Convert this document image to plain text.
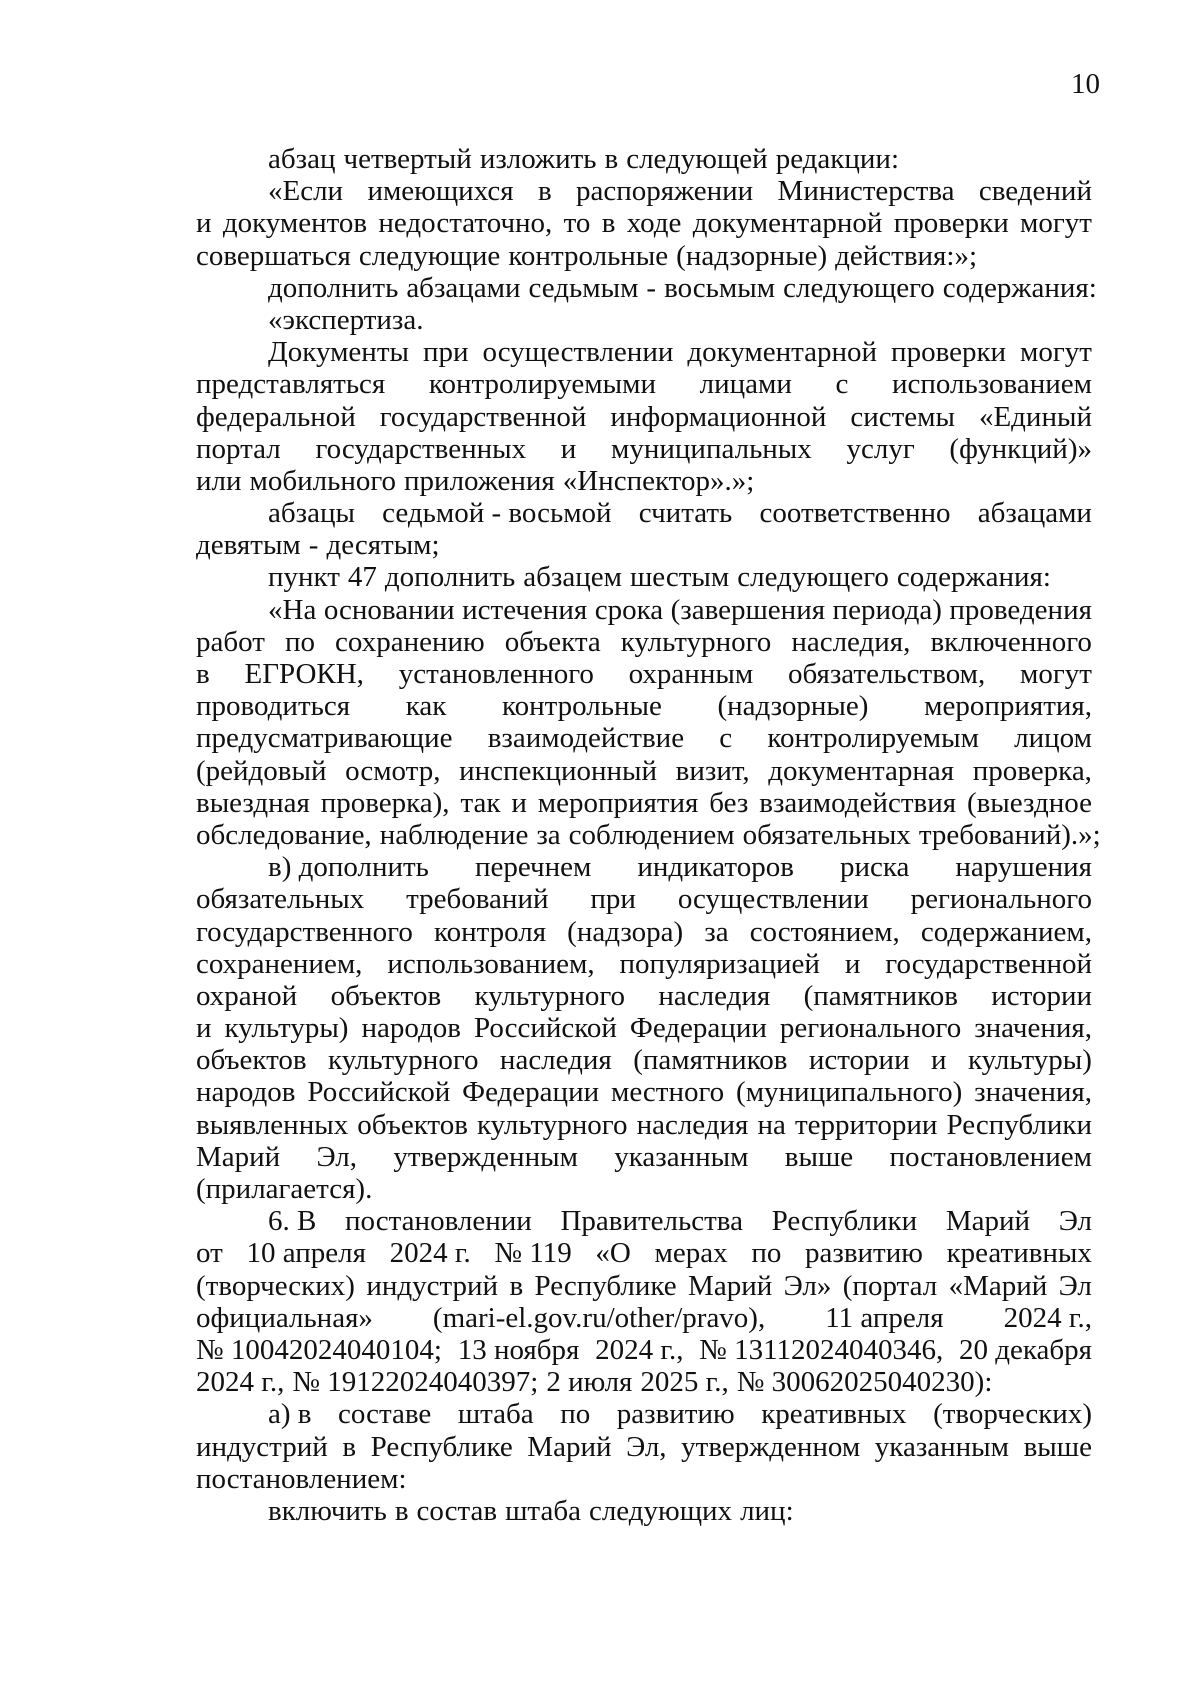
10
абзац четвертый изложить в следующей редакции:
«Если имеющихся в распоряжении Министерства сведений
и документов недостаточно, то в ходе документарной проверки могут
совершаться следующие контрольные (надзорные) действия:»;
дополнить абзацами седьмым - восьмым следующего содержания:
«экспертиза.
Документы при осуществлении документарной проверки могут
представляться контролируемыми лицами с использованием
федеральной государственной информационной системы «Единый
портал государственных и муниципальных услуг (функций)»
или мобильного приложения «Инспектор».»;
абзацы седьмой - восьмой считать соответственно абзацами
девятым - десятым;
пункт 47 дополнить абзацем шестым следующего содержания:
«На основании истечения срока (завершения периода) проведения
работ по сохранению объекта культурного наследия, включенного
в ЕГРОКН, установленного охранным обязательством, могут
проводиться как контрольные (надзорные) мероприятия,
предусматривающие взаимодействие с контролируемым лицом
(рейдовый осмотр, инспекционный визит, документарная проверка,
выездная проверка), так и мероприятия без взаимодействия (выездное
обследование, наблюдение за соблюдением обязательных требований).»;
в) дополнить перечнем индикаторов риска нарушения
обязательных требований при осуществлении регионального
государственного контроля (надзора) за состоянием, содержанием,
сохранением, использованием, популяризацией и государственной
охраной объектов культурного наследия (памятников истории
и культуры) народов Российской Федерации регионального значения,
объектов культурного наследия (памятников истории и культуры)
народов Российской Федерации местного (муниципального) значения,
выявленных объектов культурного наследия на территории Республики
Марий Эл, утвержденным указанным выше постановлением
(прилагается).
6. В постановлении Правительства Республики Марий Эл
от 10 апреля 2024 г. № 119 «О мерах по развитию креативных
(творческих) индустрий в Республике Марий Эл» (портал «Марий Эл
официальная» (mari-el.gov.ru/other/pravo), 11 апреля 2024 г.,
№ 10042024040104; 13 ноября 2024 г., № 13112024040346, 20 декабря
2024 г., № 19122024040397; 2 июля 2025 г., № 30062025040230):
а) в составе штаба по развитию креативных (творческих)
индустрий в Республике Марий Эл, утвержденном указанным выше
постановлением:
включить в состав штаба следующих лиц:
